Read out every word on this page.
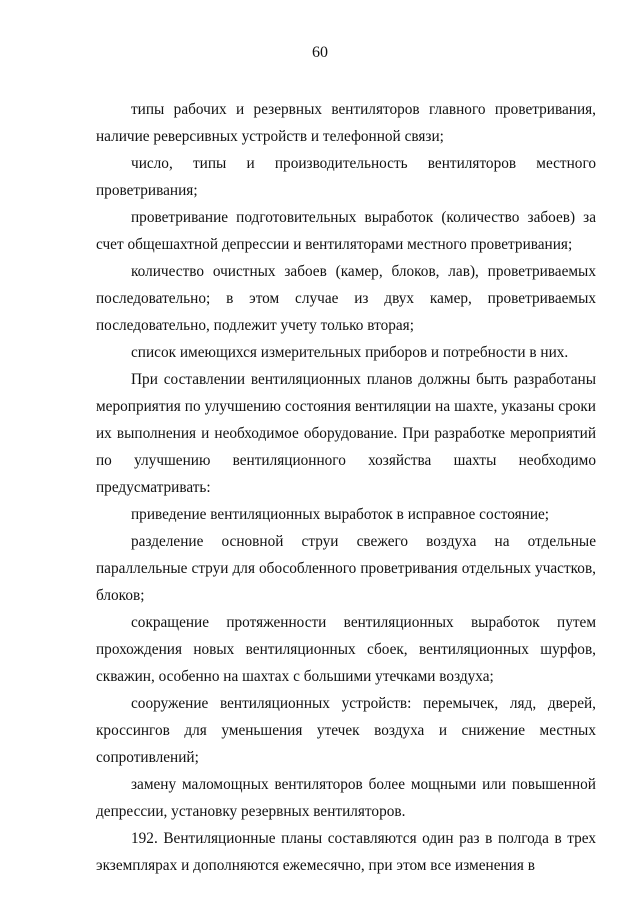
60

типы рабочих и резервных вентиляторов главного проветривания, наличие реверсивных устройств и телефонной связи;

число, типы и производительность вентиляторов местного проветривания;

проветривание подготовительных выработок (количество забоев) за счет общешахтной депрессии и вентиляторами местного проветривания;

количество очистных забоев (камер, блоков, лав), проветриваемых последовательно; в этом случае из двух камер, проветриваемых последовательно, подлежит учету только вторая;

список имеющихся измерительных приборов и потребности в них.

При составлении вентиляционных планов должны быть разработаны мероприятия по улучшению состояния вентиляции на шахте, указаны сроки их выполнения и необходимое оборудование. При разработке мероприятий по улучшению вентиляционного хозяйства шахты необходимо предусматривать:

приведение вентиляционных выработок в исправное состояние;

разделение основной струи свежего воздуха на отдельные параллельные струи для обособленного проветривания отдельных участков, блоков;

сокращение протяженности вентиляционных выработок путем прохождения новых вентиляционных сбоек, вентиляционных шурфов, скважин, особенно на шахтах с большими утечками воздуха;

сооружение вентиляционных устройств: перемычек, ляд, дверей, кроссингов для уменьшения утечек воздуха и снижение местных сопротивлений;

замену маломощных вентиляторов более мощными или повышенной депрессии, установку резервных вентиляторов.

192. Вентиляционные планы составляются один раз в полгода в трех экземплярах и дополняются ежемесячно, при этом все изменения в
